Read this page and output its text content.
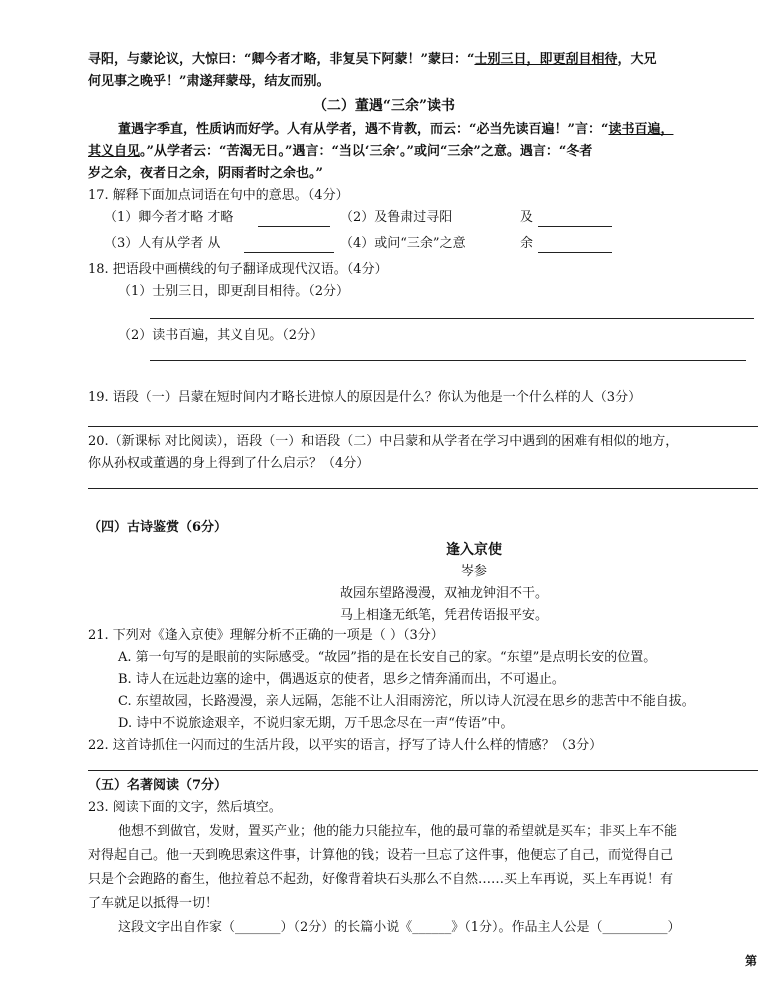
寻阳，与蒙论议，大惊曰：“卿今者才略，非复吴下阿蒙！”蒙曰：“士别三日，即更刮目相待，大兄
何见事之晚乎！”肃遂拜蒙母，结友而别。
（二）董遇“三余”读书
董遇字季直，性质讷而好学。人有从学者，遇不肯教，而云：“必当先读百遍！”言：“读书百遍，
其义自见。”从学者云：“苦渴无日。”遇言：“当以‘三余’。”或问“三余”之意。遇言：“冬者
岁之余，夜者日之余，阴雨者时之余也。”
17. 解释下面加点词语在句中的意思。（4分）
（1）卿今者才略 才略	（2）及鲁肃过寻阳	及
（3）人有从学者 从	（4）或问“三余”之意	余
18. 把语段中画横线的句子翻译成现代汉语。（4分）
（1）士别三日，即更刮目相待。（2分）
（2）读书百遍，其义自见。（2分）
19. 语段（一）吕蒙在短时间内才略长进惊人的原因是什么？你认为他是一个什么样的人（3分）
20.（新课标 对比阅读），语段（一）和语段（二）中吕蒙和从学者在学习中遇到的困难有相似的地方，
你从孙权或董遇的身上得到了什么启示？（4分）
（四）古诗鉴赏（6分）
逢入京使
岑参
故园东望路漫漫，双袖龙钟泪不干。
马上相逢无纸笔，凭君传语报平安。
21. 下列对《逢入京使》理解分析不正确的一项是（ ）（3分）
A. 第一句写的是眼前的实际感受。“故园”指的是在长安自己的家。“东望”是点明长安的位置。
B. 诗人在远赴边塞的途中，偶遇返京的使者，思乡之情奔涌而出，不可遏止。
C. 东望故园，长路漫漫，亲人远隔，怎能不让人泪雨滂沱，所以诗人沉浸在思乡的悲苦中不能自拔。
D. 诗中不说旅途艰辛，不说归家无期，万千思念尽在一声“传语”中。
22. 这首诗抓住一闪而过的生活片段，以平实的语言，抒写了诗人什么样的情感？（3分）
（五）名著阅读（7分）
23. 阅读下面的文字，然后填空。
他想不到做官，发财，置买产业；他的能力只能拉车，他的最可靠的希望就是买车；非买上车不能
对得起自己。他一天到晚思索这件事，计算他的钱；设若一旦忘了这件事，他便忘了自己，而觉得自己
只是个会跑路的畜生，他拉着总不起劲，好像背着块石头那么不自然……买上车再说，买上车再说！有
了车就足以抵得一切！
这段文字出自作家（_______）（2分）的长篇小说《______》（1分）。作品主人公是（__________）
第
